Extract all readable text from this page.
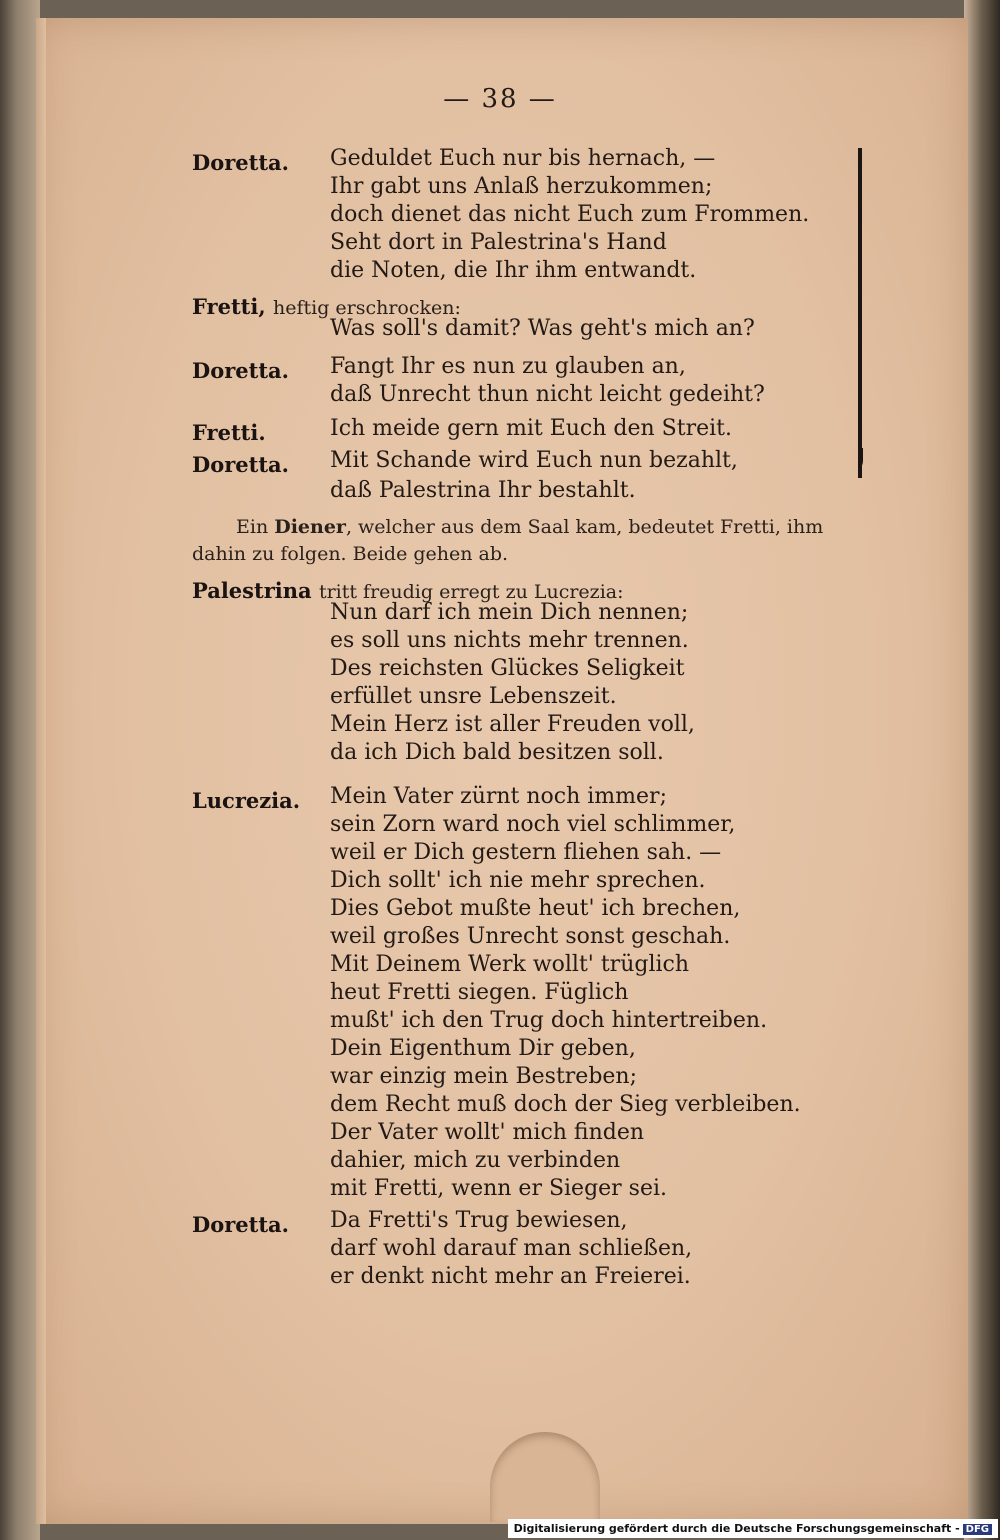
— 38 —
Doretta. Geduldet Euch nur bis hernach, —
Ihr gabt uns Anlaß herzukommen;
doch dienet das nicht Euch zum Frommen.
Seht dort in Palestrina's Hand
die Noten, die Ihr ihm entwandt.
Fretti, heftig erschrocken:
Was soll's damit? Was geht's mich an?
Doretta. Fangt Ihr es nun zu glauben an,
daß Unrecht thun nicht leicht gedeiht?
Fretti.	Ich meide gern mit Euch den Streit.
Doretta. Mit Schande wird Euch nun bezahlt,
daß Palestrina Ihr bestahlt.
Ein Diener, welcher aus dem Saal kam, bedeutet Fretti, ihm
dahin zu folgen. Beide gehen ab.
Palestrina tritt freudig erregt zu Lucrezia:
Nun darf ich mein Dich nennen;
es soll uns nichts mehr trennen.
Des reichsten Glückes Seligkeit
erfüllet unsre Lebenszeit.
Mein Herz ist aller Freuden voll,
da ich Dich bald besitzen soll.
Lucrezia. Mein Vater zürnt noch immer;
sein Zorn ward noch viel schlimmer,
weil er Dich gestern fliehen sah. —
Dich sollt' ich nie mehr sprechen.
Dies Gebot mußte heut' ich brechen,
weil großes Unrecht sonst geschah.
Mit Deinem Werk wollt' trüglich
heut Fretti siegen. Füglich
mußt' ich den Trug doch hintertreiben.
Dein Eigenthum Dir geben,
war einzig mein Bestreben;
dem Recht muß doch der Sieg verbleiben.
Der Vater wollt' mich finden
dahier, mich zu verbinden
mit Fretti, wenn er Sieger sei.
Doretta. Da Fretti's Trug bewiesen,
darf wohl darauf man schließen,
er denkt nicht mehr an Freierei.
Digitalisierung gefördert durch die Deutsche Forschungsgemeinschaft - DFG
